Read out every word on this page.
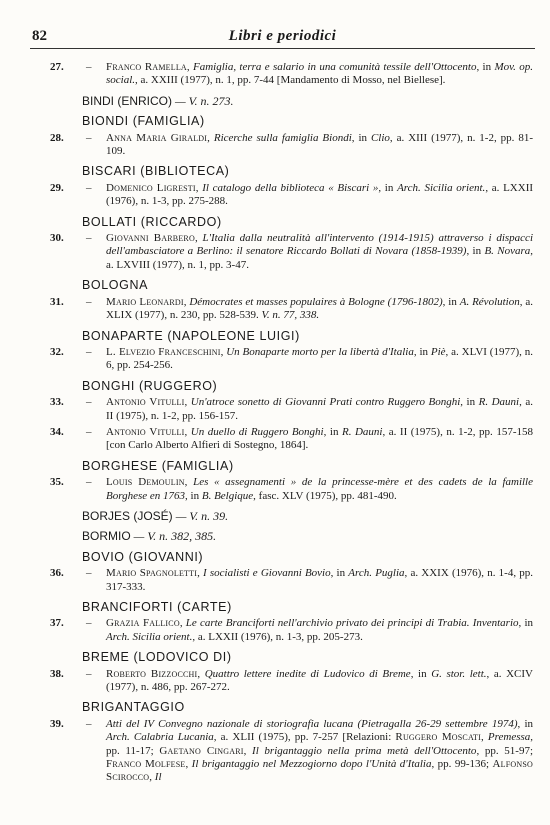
82	Libri e periodici
27. – Franco Ramella, Famiglia, terra e salario in una comunità tessile dell'Ottocento, in Mov. op. social., a. XXIII (1977), n. 1, pp. 7-44 [Mandamento di Mosso, nel Biellese].
BINDI (ENRICO) — V. n. 273.
BIONDI (FAMIGLIA)
28. – Anna Maria Giraldi, Ricerche sulla famiglia Biondi, in Clio, a. XIII (1977), n. 1-2, pp. 81-109.
BISCARI (BIBLIOTECA)
29. – Domenico Ligresti, Il catalogo della biblioteca « Biscari », in Arch. Sicilia orient., a. LXXII (1976), n. 1-3, pp. 275-288.
BOLLATI (RICCARDO)
30. – Giovanni Barbero, L'Italia dalla neutralità all'intervento (1914-1915) attraverso i dispacci dell'ambasciatore a Berlino: il senatore Riccardo Bollati di Novara (1858-1939), in B. Novara, a. LXVIII (1977), n. 1, pp. 3-47.
BOLOGNA
31. – Mario Leonardi, Démocrates et masses populaires à Bologne (1796-1802), in A. Révolution, a. XLIX (1977), n. 230, pp. 528-539. V. n. 77, 338.
BONAPARTE (NAPOLEONE LUIGI)
32. – L. Elvezio Franceschini, Un Bonaparte morto per la libertà d'Italia, in Piè, a. XLVI (1977), n. 6, pp. 254-256.
BONGHI (RUGGERO)
33. – Antonio Vitulli, Un'atroce sonetto di Giovanni Prati contro Ruggero Bonghi, in R. Dauni, a. II (1975), n. 1-2, pp. 156-157.
34. – Antonio Vitulli, Un duello di Ruggero Bonghi, in R. Dauni, a. II (1975), n. 1-2, pp. 157-158 [con Carlo Alberto Alfieri di Sostegno, 1864].
BORGHESE (FAMIGLIA)
35. – Louis Demoulin, Les « assegnamenti » de la princesse-mère et des cadets de la famille Borghese en 1763, in B. Belgique, fasc. XLV (1975), pp. 481-490.
BORJES (JOSÉ) — V. n. 39.
BORMIO — V. n. 382, 385.
BOVIO (GIOVANNI)
36. – Mario Spagnoletti, I socialisti e Giovanni Bovio, in Arch. Puglia, a. XXIX (1976), n. 1-4, pp. 317-333.
BRANCIFORTI (CARTE)
37. – Grazia Fallico, Le carte Branciforti nell'archivio privato dei principi di Trabia. Inventario, in Arch. Sicilia orient., a. LXXII (1976), n. 1-3, pp. 205-273.
BREME (LODOVICO DI)
38. – Roberto Bizzocchi, Quattro lettere inedite di Ludovico di Breme, in G. stor. lett., a. XCIV (1977), n. 486, pp. 267-272.
BRIGANTAGGIO
39. – Atti del IV Convegno nazionale di storiografia lucana (Pietragalla 26-29 settembre 1974), in Arch. Calabria Lucania, a. XLII (1975), pp. 7-257 [Relazioni: Ruggero Moscati, Premessa, pp. 11-17; Gaetano Cingari, Il brigantaggio nella prima metà dell'Ottocento, pp. 51-97; Franco Molfese, Il brigantaggio nel Mezzogiorno dopo l'Unità d'Italia, pp. 99-136; Alfonso Scirocco, Il
